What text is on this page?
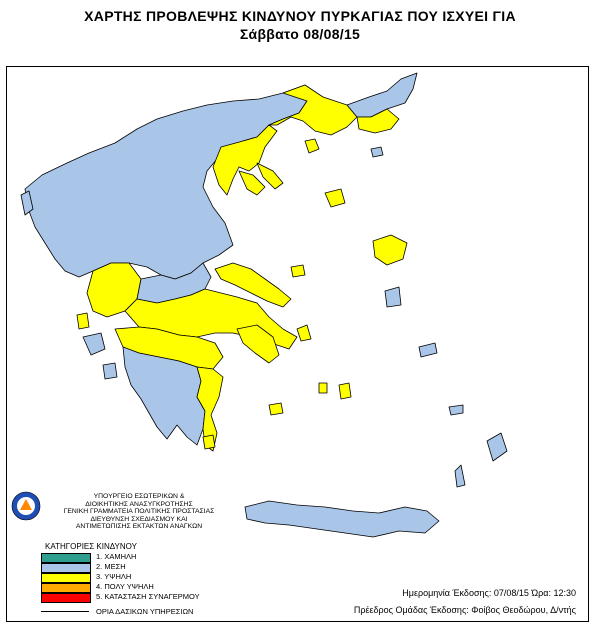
ΧΑΡΤΗΣ ΠΡΟΒΛΕΨΗΣ ΚΙΝΔΥΝΟΥ ΠΥΡΚΑΓΙΑΣ ΠΟΥ ΙΣΧΥΕΙ ΓΙΑ
Σάββατο 08/08/15
ΥΠΟΥΡΓΕΙΟ ΕΣΩΤΕΡΙΚΩΝ &
ΔΙΟΙΚΗΤΙΚΗΣ ΑΝΑΣΥΓΚΡΟΤΗΣΗΣ
ΓΕΝΙΚΗ ΓΡΑΜΜΑΤΕΙΑ ΠΟΛΙΤΙΚΗΣ ΠΡΟΣΤΑΣΙΑΣ
ΔΙΕΥΘΥΝΣΗ ΣΧΕΔΙΑΣΜΟΥ ΚΑΙ
ΑΝΤΙΜΕΤΩΠΙΣΗΣ ΕΚΤΑΚΤΩΝ ΑΝΑΓΚΩΝ
ΚΑΤΗΓΟΡΙΕΣ ΚΙΝΔΥΝΟΥ
1. ΧΑΜΗΛΗ
2. ΜΕΣΗ
3. ΥΨΗΛΗ
4. ΠΟΛΥ ΥΨΗΛΗ
5. ΚΑΤΑΣΤΑΣΗ ΣΥΝΑΓΕΡΜΟΥ
ΟΡΙΑ ΔΑΣΙΚΩΝ ΥΠΗΡΕΣΙΩΝ
Ημερομηνία Έκδοσης: 07/08/15 Ώρα: 12:30
Πρέεδρος Ομάδας Έκδοσης: Φοίβος Θεοδώρου, Δ/ντής
